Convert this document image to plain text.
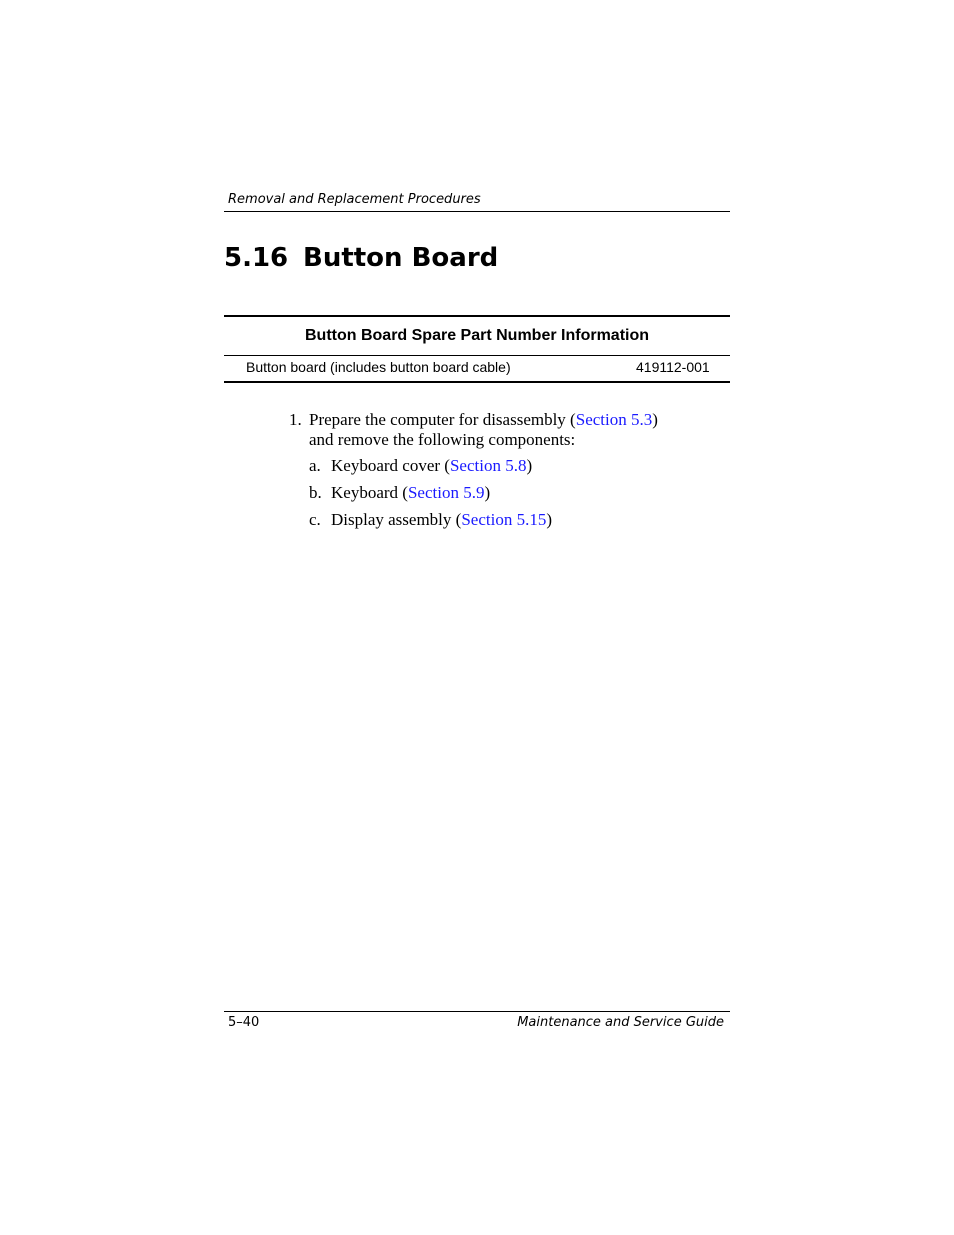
Removal and Replacement Procedures
5.16 Button Board
Button Board Spare Part Number Information
Button board (includes button board cable)	419112-001
1. Prepare the computer for disassembly (Section 5.3)
and remove the following components:
a. Keyboard cover (Section 5.8)
b. Keyboard (Section 5.9)
c. Display assembly (Section 5.15)
5–40	Maintenance and Service Guide
